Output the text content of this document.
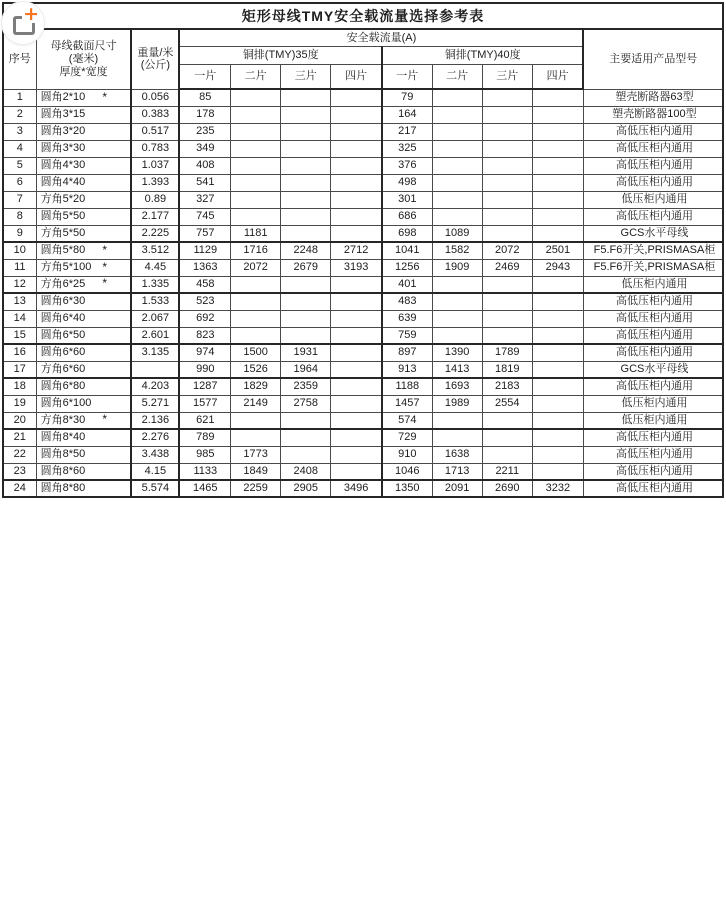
+	矩形母线TMY安全载流量选择参考表											
序号	
母线截面尺寸
(毫米)
厚度*宽度

重量/米
(公斤)
	安全载流量(A)	主要适用产品型号
			铜排(TMY)35度				铜排(TMY)40度				
			一片	二片	三片	四片	一片	二片	三片	四片	
1	圆角2*10 *	0.056	85				79				塑壳断路器63型
2	圆角3*15	0.383	178				164				塑壳断路器100型
3	圆角3*20	0.517	235				217				高低压柜内通用
4	圆角3*30	0.783	349				325				高低压柜内通用
5	圆角4*30	1.037	408				376				高低压柜内通用
6	圆角4*40	1.393	541				498				高低压柜内通用
7	方角5*20	0.89	327				301				低压柜内通用
8	圆角5*50	2.177	745				686				高低压柜内通用
9	方角5*50	2.225	757	1181			698	1089			GCS水平母线
10	圆角5*80 *	3.512	1129	1716	2248	2712	1041	1582	2072	2501	F5.F6开关,PRISMASA柜
11	方角5*100 *	4.45	1363	2072	2679	3193	1256	1909	2469	2943	F5.F6开关,PRISMASA柜
12	方角6*25 *	1.335	458				401				低压柜内通用
13	圆角6*30	1.533	523				483				高低压柜内通用
14	圆角6*40	2.067	692				639				高低压柜内通用
15	圆角6*50	2.601	823				759				高低压柜内通用
16	圆角6*60	3.135	974	1500	1931		897	1390	1789		高低压柜内通用
17	方角6*60		990	1526	1964		913	1413	1819		GCS水平母线
18	圆角6*80	4.203	1287	1829	2359		1188	1693	2183		高低压柜内通用
19	圆角6*100	5.271	1577	2149	2758		1457	1989	2554		低压柜内通用
20	方角8*30 *	2.136	621				574				低压柜内通用
21	圆角8*40	2.276	789				729				高低压柜内通用
22	圆角8*50	3.438	985	1773			910	1638			高低压柜内通用
23	圆角8*60	4.15	1133	1849	2408		1046	1713	2211		高低压柜内通用
24	圆角8*80	5.574	1465	2259	2905	3496	1350	2091	2690	3232	高低压柜内通用
